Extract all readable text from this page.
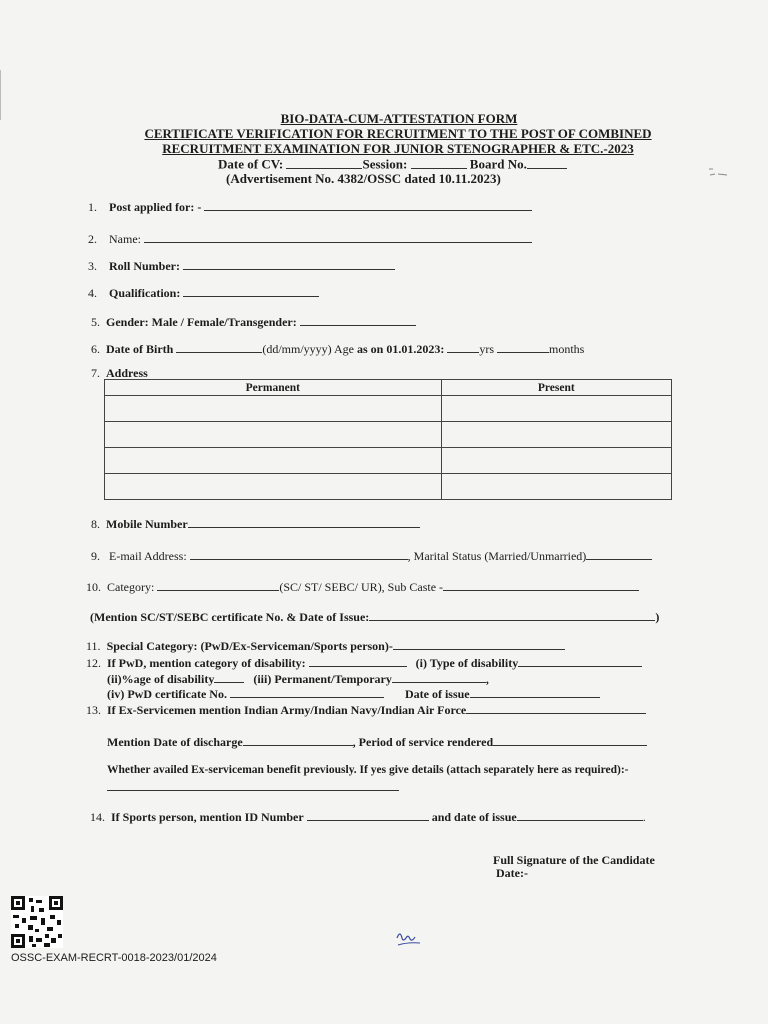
BIO-DATA-CUM-ATTESTATION FORM
CERTIFICATE VERIFICATION FOR RECRUITMENT TO THE POST OF COMBINED
RECRUITMENT EXAMINATION FOR JUNIOR STENOGRAPHER & ETC.-2023
Date of CV:	Session:	Board No.
(Advertisement No. 4382/OSSC dated 10.11.2023)
1. Post applied for: -
2. Name:
3. Roll Number:
4. Qualification:
5. Gender: Male / Female/Transgender:
6. Date of Birth	(dd/mm/yyyy) Age as on 01.01.2023:	yrs	months
7. Address
Permanent	Present

8. Mobile Number
9. E-mail Address:	, Marital Status (Married/Unmarried)
10. Category:	(SC/ ST/ SEBC/ UR), Sub Caste -
(Mention SC/ST/SEBC certificate No. & Date of Issue:	)
11. Special Category: (PwD/Ex-Serviceman/Sports person)-
12. If PwD, mention category of disability:	(i) Type of disability
(ii)%age of disability	(iii) Permanent/Temporary	,
(iv) PwD certificate No.	Date of issue
13. If Ex-Servicemen mention Indian Army/Indian Navy/Indian Air Force
Mention Date of discharge	, Period of service rendered
Whether availed Ex-serviceman benefit previously. If yes give details (attach separately here as required):-
14. If Sports person, mention ID Number	and date of issue	.
Full Signature of the Candidate
Date:-
OSSC-EXAM-RECRT-0018-2023/01/2024
